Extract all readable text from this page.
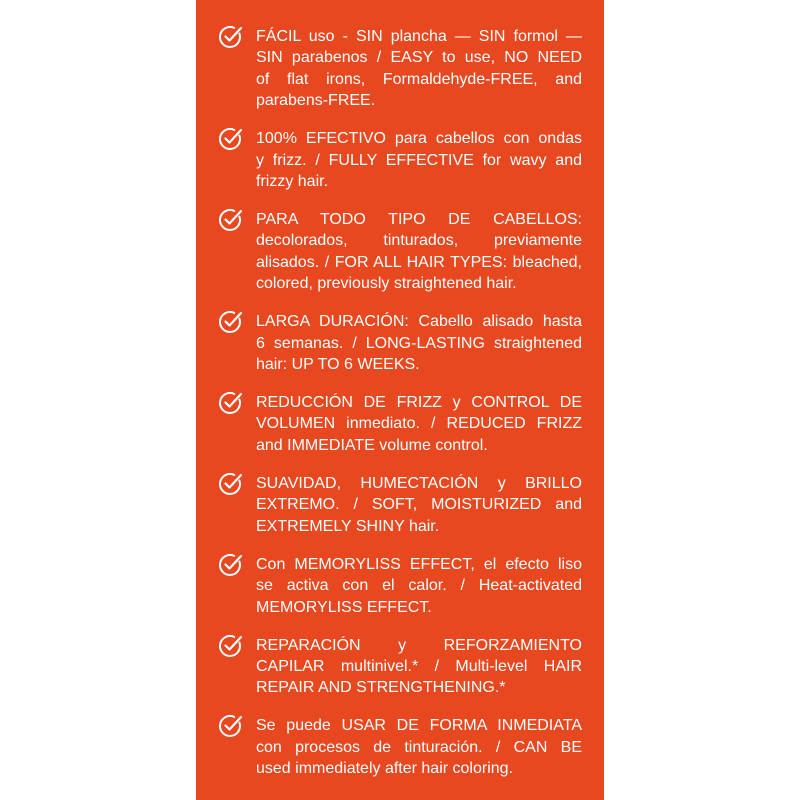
FÁCIL uso - SIN plancha — SIN formol —
SIN parabenos / EASY to use, NO NEED
of flat irons, Formaldehyde-FREE, and
parabens-FREE.
100% EFECTIVO para cabellos con ondas
y frizz. / FULLY EFFECTIVE for wavy and
frizzy hair.
PARA TODO TIPO DE CABELLOS:
decolorados, tinturados, previamente
alisados. / FOR ALL HAIR TYPES: bleached,
colored, previously straightened hair.
LARGA DURACIÓN: Cabello alisado hasta
6 semanas. / LONG-LASTING straightened
hair: UP TO 6 WEEKS.
REDUCCIÓN DE FRIZZ y CONTROL DE
VOLUMEN inmediato. / REDUCED FRIZZ
and IMMEDIATE volume control.
SUAVIDAD, HUMECTACIÓN y BRILLO
EXTREMO. / SOFT, MOISTURIZED and
EXTREMELY SHINY hair.
Con MEMORYLISS EFFECT, el efecto liso
se activa con el calor. / Heat-activated
MEMORYLISS EFFECT.
REPARACIÓN y REFORZAMIENTO
CAPILAR multinivel.* / Multi-level HAIR
REPAIR AND STRENGTHENING.*
Se puede USAR DE FORMA INMEDIATA
con procesos de tinturación. / CAN BE
used immediately after hair coloring.
